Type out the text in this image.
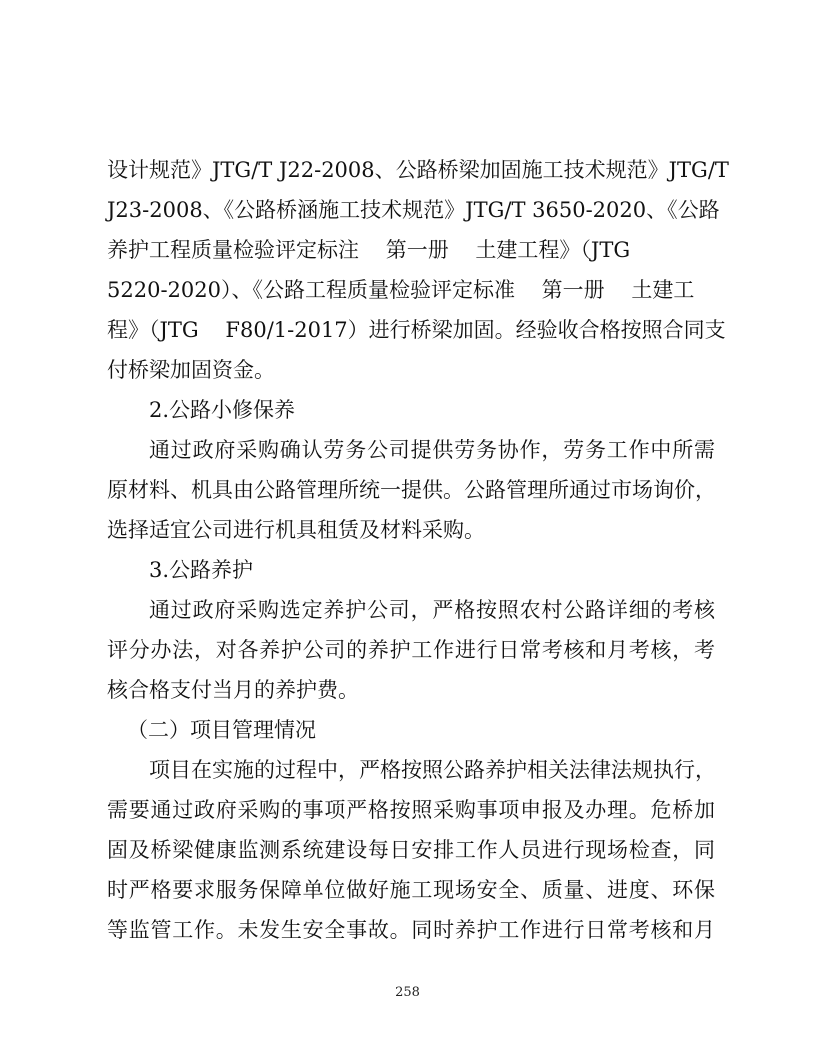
设计规范》JTG/T J22-2008、公路桥梁加固施工技术规范》JTG/T
J23-2008、《公路桥涵施工技术规范》JTG/T 3650-2020、《公路
养护工程质量检验评定标注    第一册    土建工程》（JTG
5220-2020）、《公路工程质量检验评定标准    第一册    土建工
程》（JTG    F80/1-2017）进行桥梁加固。经验收合格按照合同支
付桥梁加固资金。
2.公路小修保养
通过政府采购确认劳务公司提供劳务协作，劳务工作中所需
原材料、机具由公路管理所统一提供。公路管理所通过市场询价，
选择适宜公司进行机具租赁及材料采购。
3.公路养护
通过政府采购选定养护公司，严格按照农村公路详细的考核
评分办法，对各养护公司的养护工作进行日常考核和月考核，考
核合格支付当月的养护费。
（二）项目管理情况
项目在实施的过程中，严格按照公路养护相关法律法规执行，
需要通过政府采购的事项严格按照采购事项申报及办理。危桥加
固及桥梁健康监测系统建设每日安排工作人员进行现场检查，同
时严格要求服务保障单位做好施工现场安全、质量、进度、环保
等监管工作。未发生安全事故。同时养护工作进行日常考核和月
258
